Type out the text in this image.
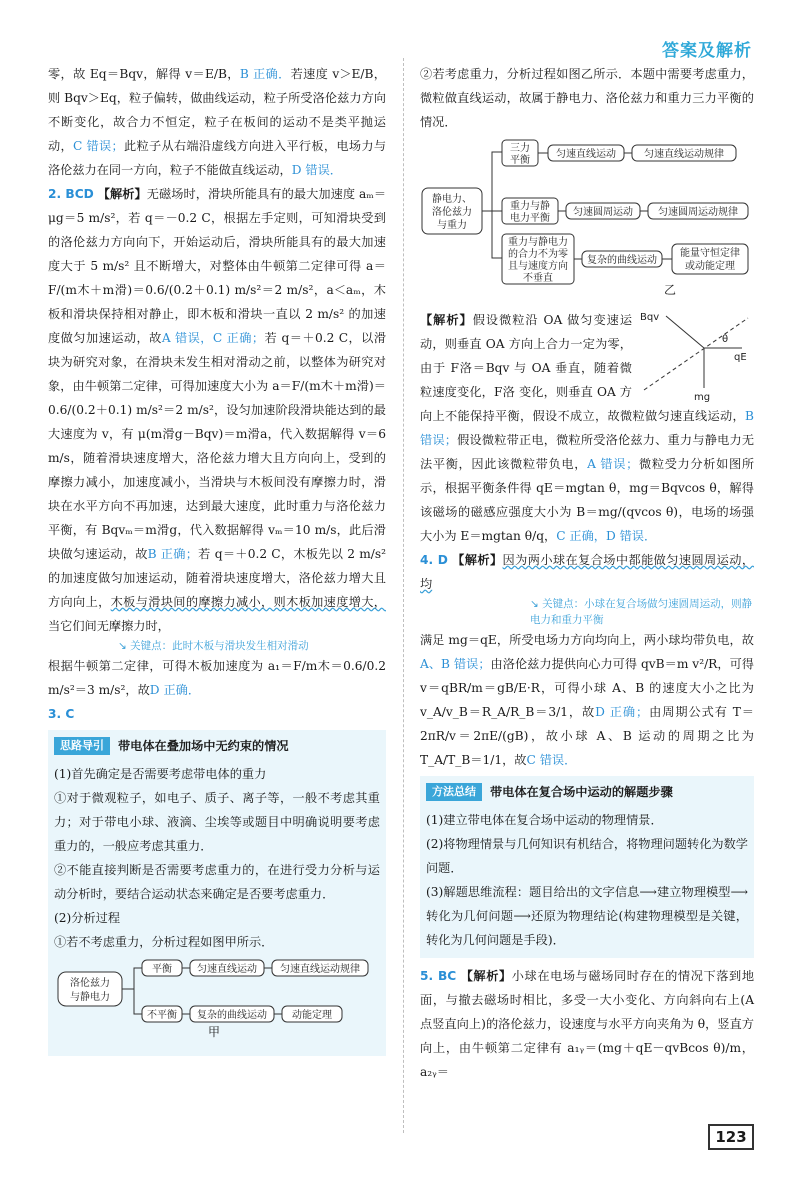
答案及解析

零，故 Eq＝Bqv，解得 v＝E/B，B 正确．若速度 v＞E/B，则 Bqv＞Eq，粒子偏转，做曲线运动，粒子所受洛伦兹力方向不断变化，故合力不恒定，粒子在板间的运动不是类平抛运动，C 错误；此粒子从右端沿虚线方向进入平行板，电场力与洛伦兹力在同一方向，粒子不能做直线运动，D 错误．

2. BCD 【解析】无磁场时，滑块所能具有的最大加速度 aₘ＝μg＝5 m/s²，若 q＝－0.2 C，根据左手定则，可知滑块受到的洛伦兹力方向向下，开始运动后，滑块所能具有的最大加速度大于 5 m/s² 且不断增大，对整体由牛顿第二定律可得 a＝F/(m木＋m滑)＝0.6/(0.2＋0.1) m/s²＝2 m/s²，a＜aₘ，木板和滑块保持相对静止，即木板和滑块一直以 2 m/s² 的加速度做匀加速运动，故A 错误，C 正确；若 q＝＋0.2 C，以滑块为研究对象，在滑块未发生相对滑动之前，以整体为研究对象，由牛顿第二定律，可得加速度大小为 a＝F/(m木＋m滑)＝0.6/(0.2＋0.1) m/s²＝2 m/s²，设匀加速阶段滑块能达到的最大速度为 v，有 μ(m滑g－Bqv)＝m滑a，代入数据解得 v＝6 m/s，随着滑块速度增大，洛伦兹力增大且方向向上，受到的摩擦力减小，加速度减小，当滑块与木板间没有摩擦力时，滑块在水平方向不再加速，达到最大速度，此时重力与洛伦兹力平衡，有 Bqvₘ＝m滑g，代入数据解得 vₘ＝10 m/s，此后滑块做匀速运动，故B 正确；若 q＝＋0.2 C，木板先以 2 m/s² 的加速度做匀加速运动，随着滑块速度增大，洛伦兹力增大且方向向上，木板与滑块间的摩擦力减小，则木板加速度增大，当它们间无摩擦力时，

↘ 关键点：此时木板与滑块发生相对滑动

根据牛顿第二定律，可得木板加速度为 a₁＝F/m木＝0.6/0.2 m/s²＝3 m/s²，故D 正确．

3. C
思路导引	带电体在叠加场中无约束的情况

(1)首先确定是否需要考虑带电体的重力

①对于微观粒子，如电子、质子、离子等，一般不考虑其重力；对于带电小球、液滴、尘埃等或题目中明确说明要考虑重力的，一般应考虑其重力．

②不能直接判断是否需要考虑重力的，在进行受力分析与运动分析时，要结合运动状态来确定是否要考虑重力．

(2)分析过程

①若不考虑重力，分析过程如图甲所示．

洛伦兹力
与静电力
平衡	匀速直线运动 匀速直线运动规律
不平衡 复杂的曲线运动	动能定理
甲

②若考虑重力，分析过程如图乙所示．本题中需要考虑重力，微粒做直线运动，故属于静电力、洛伦兹力和重力三力平衡的情况．

静电力、
洛伦兹力
与重力
三力
平衡
匀速直线运动	匀速直线运动规律
重力与静
电力平衡
匀速圆周运动	匀速圆周运动规律
重力与静电力
的合力不为零
且与速度方向
不垂直
复杂的曲线运动
能量守恒定律
或动能定理
乙
Bqv
qE
mg
θ

【解析】假设微粒沿 OA 做匀变速运动，则垂直 OA 方向上合力一定为零，由于 F洛＝Bqv 与 OA 垂直，随着微粒速度变化，F洛 变化，则垂直 OA 方向上不能保持平衡，假设不成立，故微粒做匀速直线运动，B 错误；假设微粒带正电，微粒所受洛伦兹力、重力与静电力无法平衡，因此该微粒带负电，A 错误；微粒受力分析如图所示，根据平衡条件得 qE＝mgtan θ，mg＝Bqvcos θ，解得该磁场的磁感应强度大小为 B＝mg/(qvcos θ)，电场的场强大小为 E＝mgtan θ/q，C 正确，D 错误．

4. D 【解析】因为两小球在复合场中都能做匀速圆周运动，均

↘ 关键点：小球在复合场做匀速圆周运动，则静电力和重力平衡

满足 mg＝qE，所受电场力方向均向上，两小球均带负电，故A、B 错误；由洛伦兹力提供向心力可得 qvB＝m v²/R，可得 v＝qBR/m＝gB/E·R，可得小球 A、B 的速度大小之比为 v_A/v_B＝R_A/R_B＝3/1，故D 正确；由周期公式有 T＝2πR/v＝2πE/(gB)，故小球 A、B 运动的周期之比为 T_A/T_B＝1/1，故C 错误．

方法总结	带电体在复合场中运动的解题步骤

(1)建立带电体在复合场中运动的物理情景．

(2)将物理情景与几何知识有机结合，将物理问题转化为数学问题．

(3)解题思维流程：题目给出的文字信息⟶建立物理模型⟶转化为几何问题⟶还原为物理结论(构建物理模型是关键，转化为几何问题是手段)．

5. BC 【解析】小球在电场与磁场同时存在的情况下落到地面，与撤去磁场时相比，多受一大小变化、方向斜向右上(A 点竖直向上)的洛伦兹力，设速度与水平方向夹角为 θ，竖直方向上，由牛顿第二定律有 a₁ᵧ＝(mg＋qE－qvBcos θ)/m，a₂ᵧ＝

123
